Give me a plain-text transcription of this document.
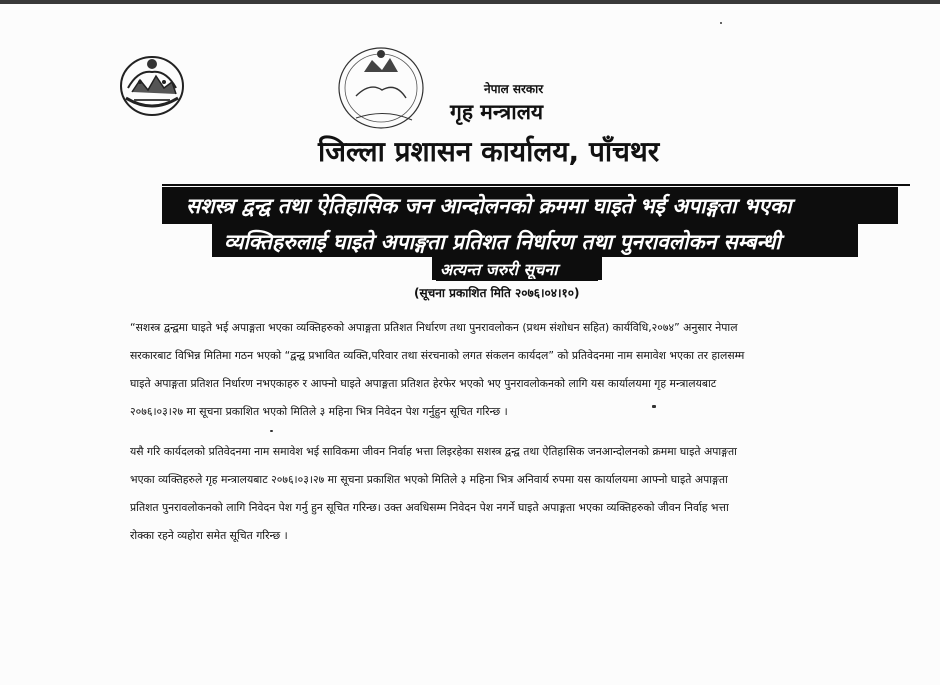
नेपाल सरकार
गृह मन्त्रालय
जिल्ला प्रशासन कार्यालय, पाँचथर
सशस्त्र द्वन्द्व तथा ऐतिहासिक जन आन्दोलनको क्रममा घाइते भई अपाङ्गता भएका
व्यक्तिहरुलाई घाइते अपाङ्गता प्रतिशत निर्धारण तथा पुनरावलोकन सम्बन्धी
अत्यन्त जरुरी सूचना
(सूचना प्रकाशित मिति २०७६।०४।१०)

“सशस्त्र द्वन्द्वमा घाइते भई अपाङ्गता भएका व्यक्तिहरुको अपाङ्गता प्रतिशत निर्धारण तथा पुनरावलोकन (प्रथम संशोधन सहित) कार्यविधि,२०७४” अनुसार नेपाल

सरकारबाट विभिन्न मितिमा गठन भएको “द्वन्द्व प्रभावित व्यक्ति,परिवार तथा संरचनाको लगत संकलन कार्यदल” को प्रतिवेदनमा नाम समावेश भएका तर हालसम्म

घाइते अपाङ्गता प्रतिशत निर्धारण नभएकाहरु र आफ्नो घाइते अपाङ्गता प्रतिशत हेरफेर भएको भए पुनरावलोकनको लागि यस कार्यालयमा गृह मन्त्रालयबाट

२०७६।०३।२७ मा सूचना प्रकाशित भएको मितिले ३ महिना भित्र निवेदन पेश गर्नुहुन सूचित गरिन्छ ।

यसै गरि कार्यदलको प्रतिवेदनमा नाम समावेश भई साविकमा जीवन निर्वाह भत्ता लिइरहेका सशस्त्र द्वन्द्व तथा ऐतिहासिक जनआन्दोलनको क्रममा घाइते अपाङ्गता

भएका व्यक्तिहरुले गृह मन्त्रालयबाट २०७६।०३।२७ मा सूचना प्रकाशित भएको मितिले ३ महिना भित्र अनिवार्य रुपमा यस कार्यालयमा आफ्नो घाइते अपाङ्गता

प्रतिशत पुनरावलोकनको लागि निवेदन पेश गर्नु हुन सूचित गरिन्छ। उक्त अवधिसम्म निवेदन पेश नगर्ने घाइते अपाङ्गता भएका व्यक्तिहरुको जीवन निर्वाह भत्ता

रोक्का रहने व्यहोरा समेत सूचित गरिन्छ ।
